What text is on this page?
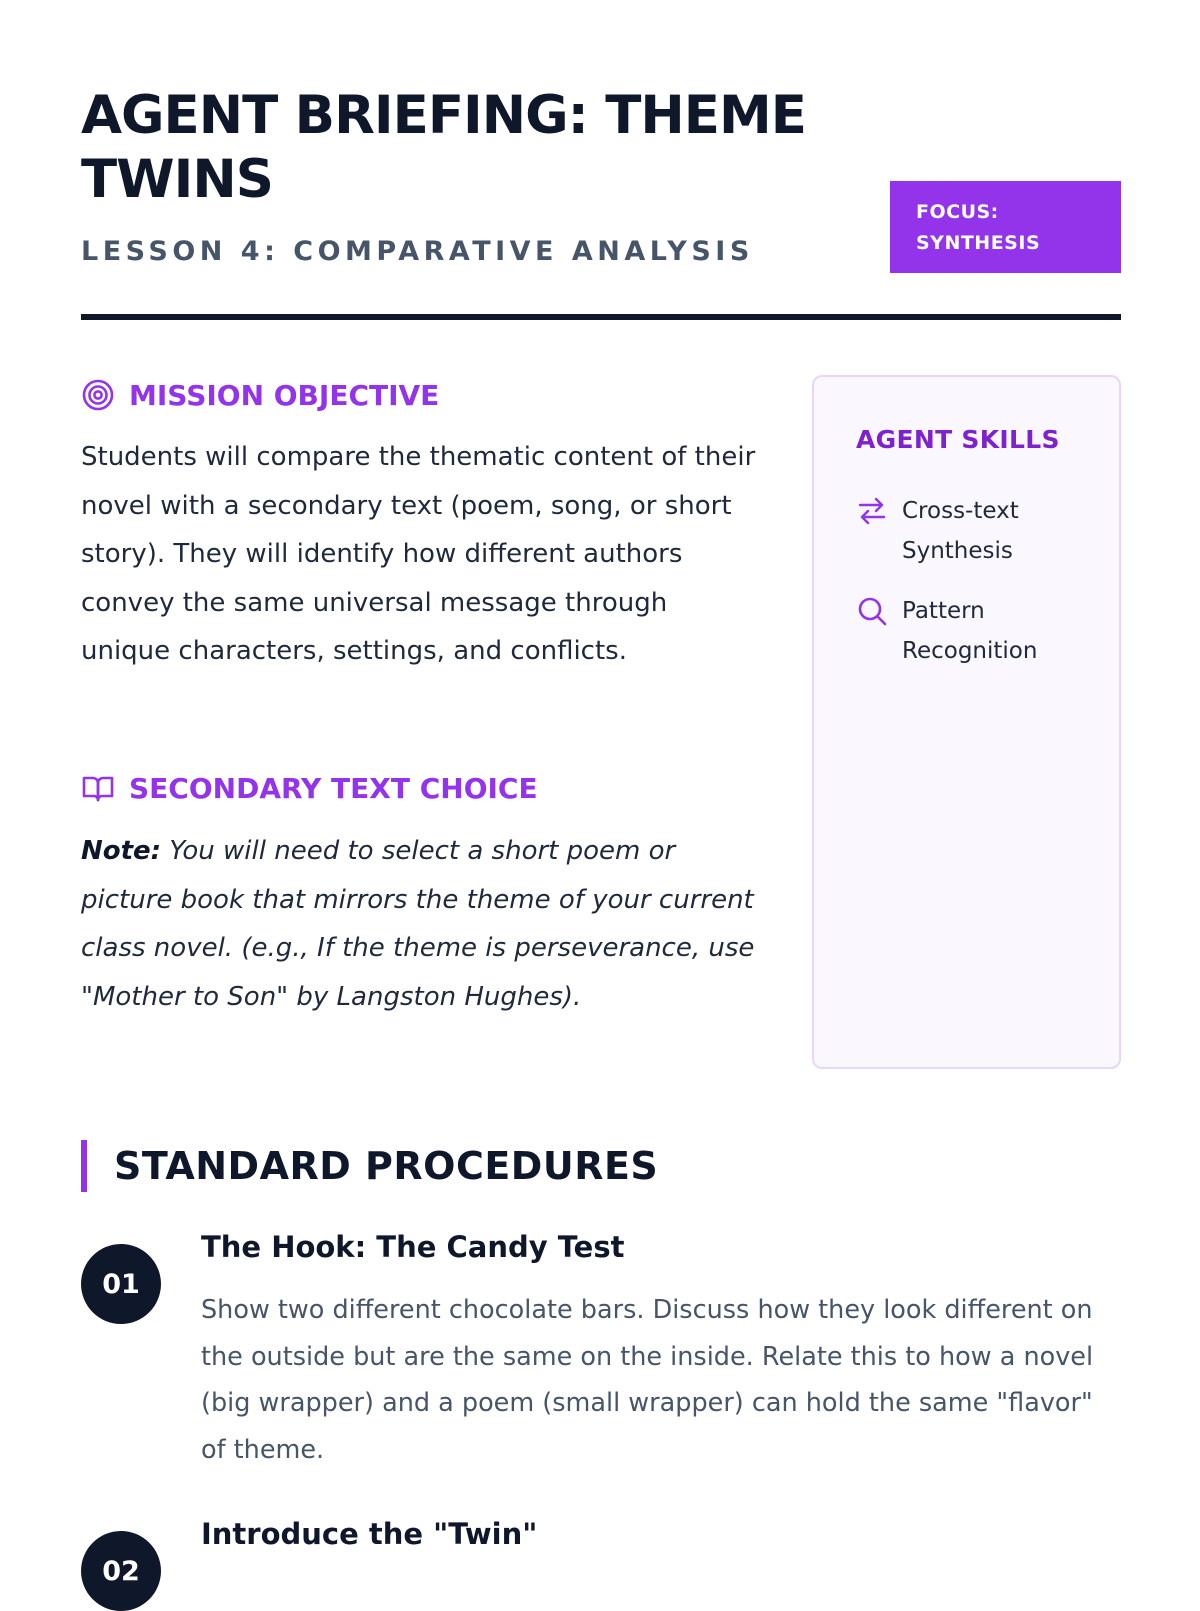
AGENT BRIEFING: THEME TWINS
LESSON 4: COMPARATIVE ANALYSIS
FOCUS:
SYNTHESIS
MISSION OBJECTIVE

Students will compare the thematic content of their novel with a secondary text (poem, song, or short story). They will identify how different authors convey the same universal message through unique characters, settings, and conflicts.

SECONDARY TEXT CHOICE

Note: You will need to select a short poem or picture book that mirrors the theme of your current class novel. (e.g., If the theme is perseverance, use "Mother to Son" by Langston Hughes).

AGENT SKILLS
Cross-text Synthesis
Pattern Recognition
STANDARD PROCEDURES
01
The Hook: The Candy Test

Show two different chocolate bars. Discuss how they look different on the outside but are the same on the inside. Relate this to how a novel (big wrapper) and a poem (small wrapper) can hold the same "flavor" of theme.

02
Introduce the "Twin"
